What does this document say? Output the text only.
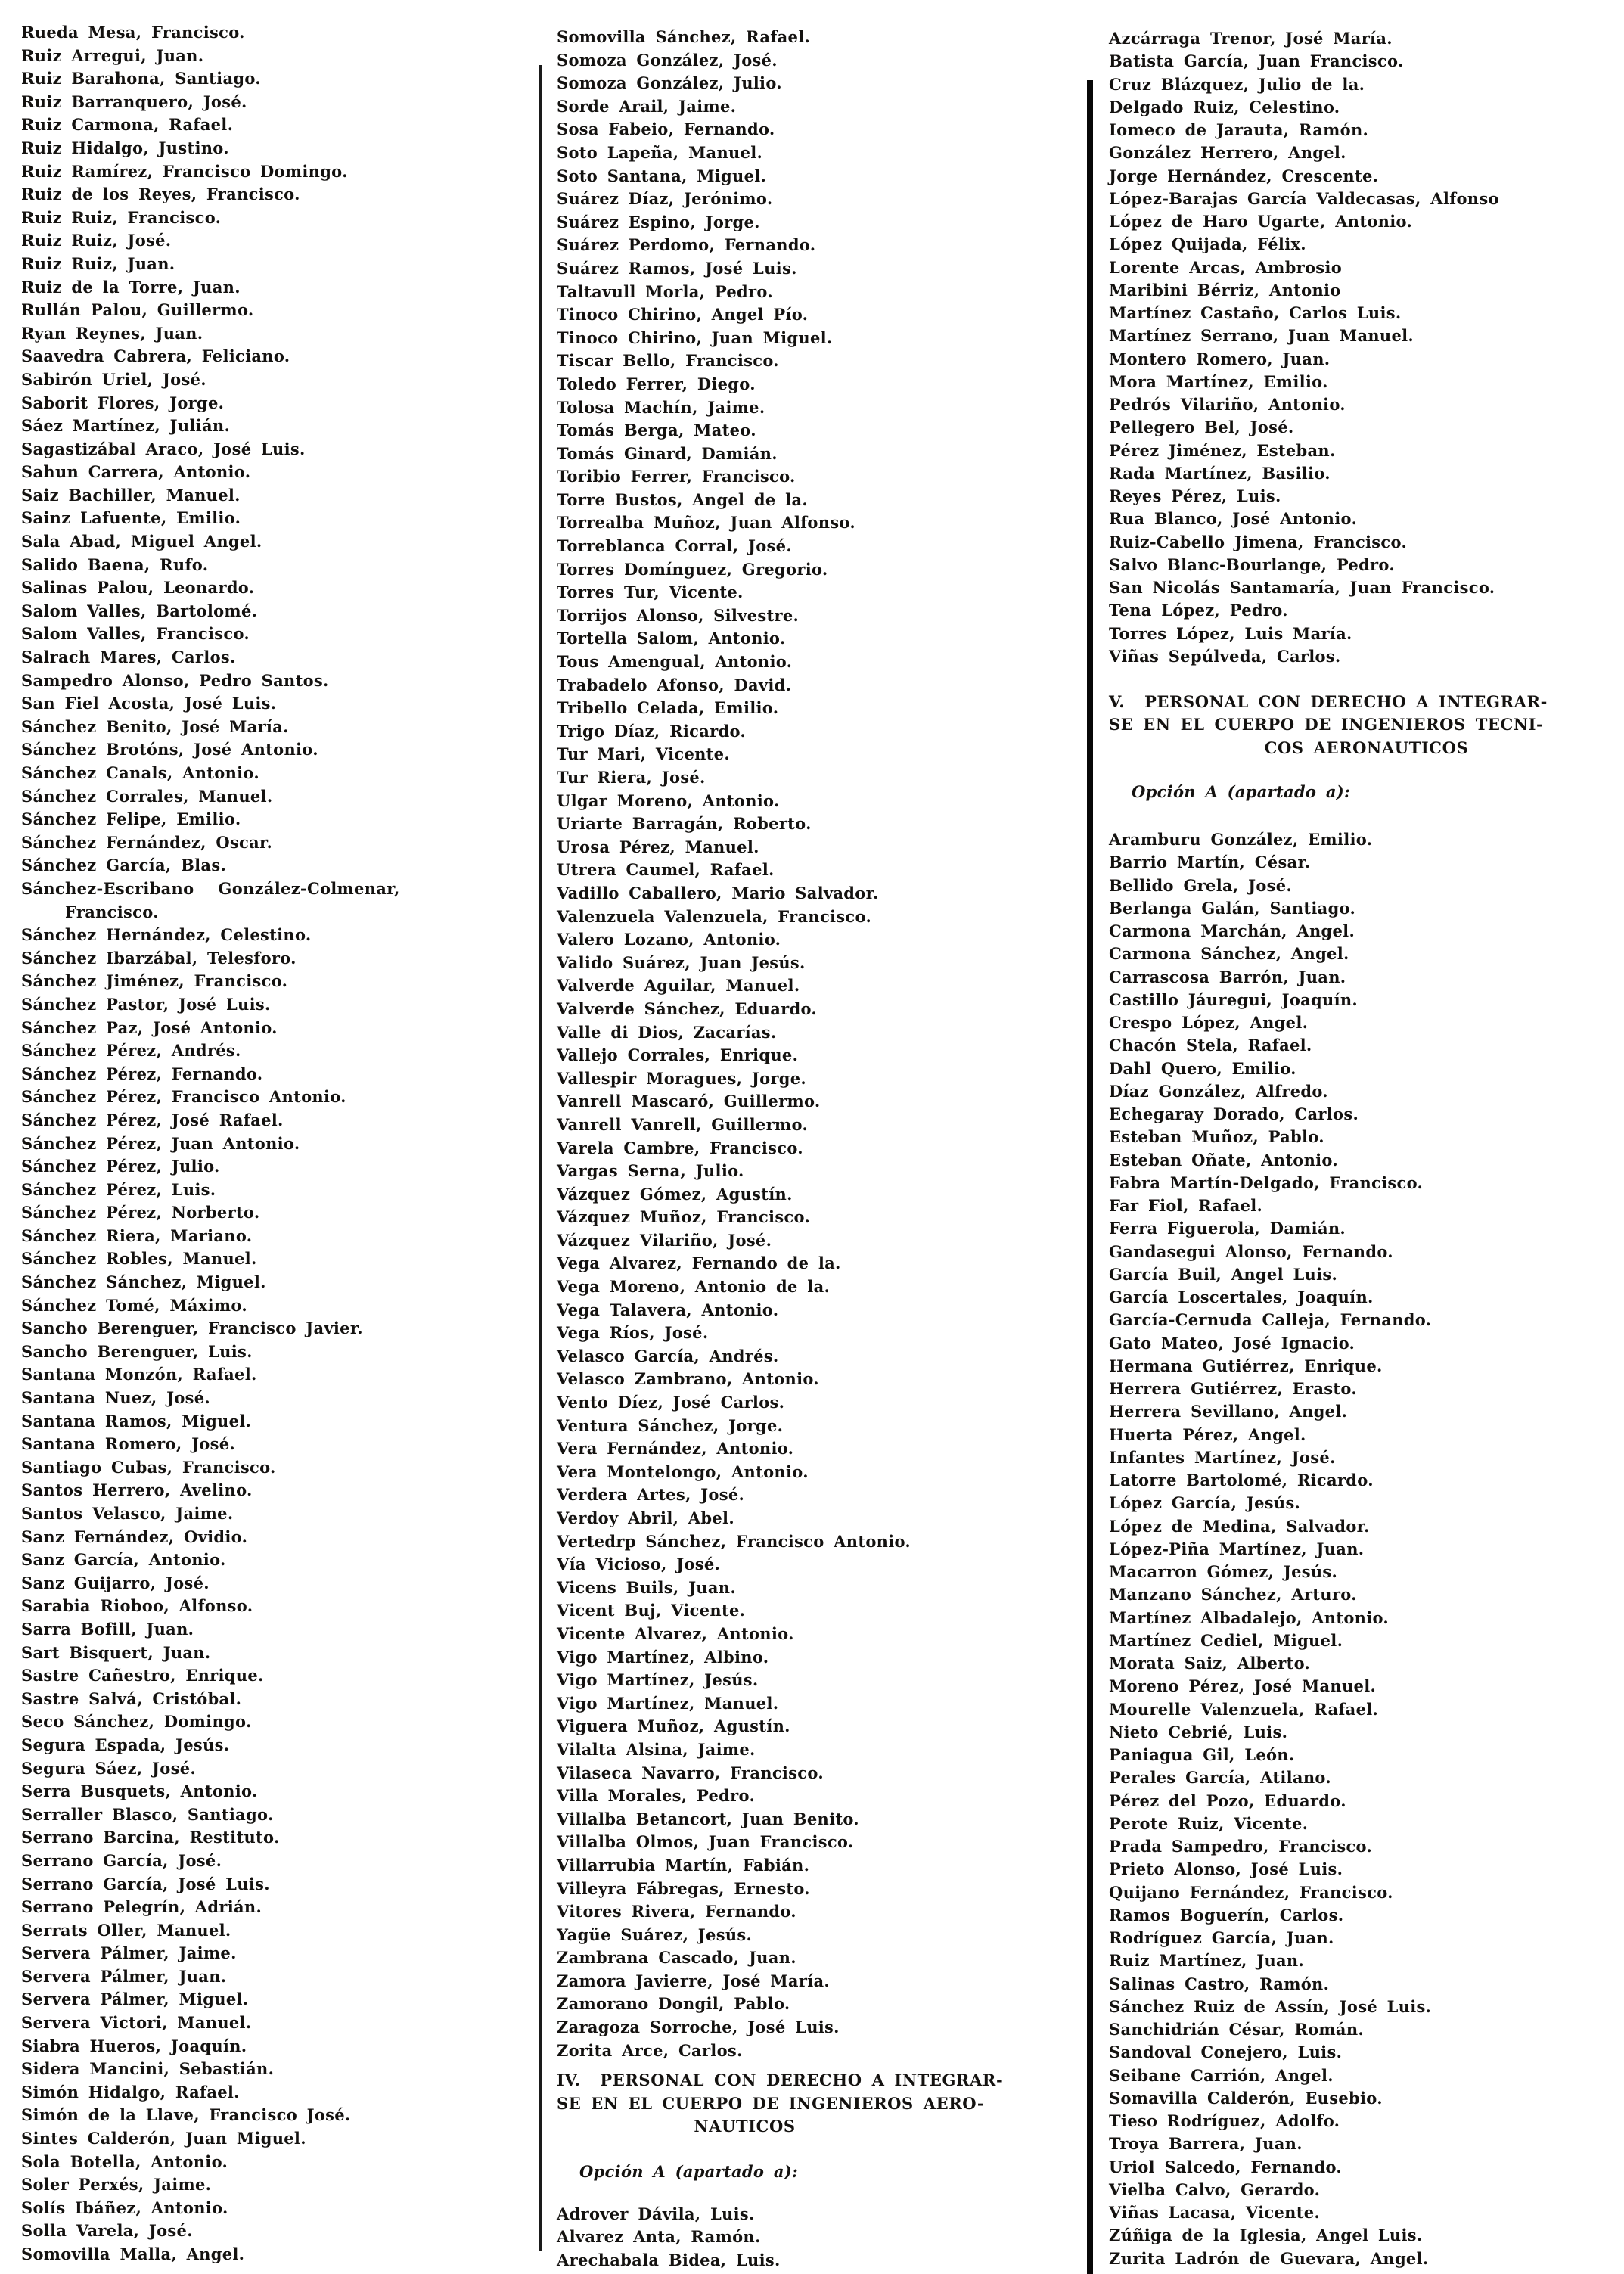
Rueda Mesa, Francisco.
Ruiz Arregui, Juan.
Ruiz Barahona, Santiago.
Ruiz Barranquero, José.
Ruiz Carmona, Rafael.
Ruiz Hidalgo, Justino.
Ruiz Ramírez, Francisco Domingo.
Ruiz de los Reyes, Francisco.
Ruiz Ruiz, Francisco.
Ruiz Ruiz, José.
Ruiz Ruiz, Juan.
Ruiz de la Torre, Juan.
Rullán Palou, Guillermo.
Ryan Reynes, Juan.
Saavedra Cabrera, Feliciano.
Sabirón Uriel, José.
Saborit Flores, Jorge.
Sáez Martínez, Julián.
Sagastizábal Araco, José Luis.
Sahun Carrera, Antonio.
Saiz Bachiller, Manuel.
Sainz Lafuente, Emilio.
Sala Abad, Miguel Angel.
Salido Baena, Rufo.
Salinas Palou, Leonardo.
Salom Valles, Bartolomé.
Salom Valles, Francisco.
Salrach Mares, Carlos.
Sampedro Alonso, Pedro Santos.
San Fiel Acosta, José Luis.
Sánchez Benito, José María.
Sánchez Brotóns, José Antonio.
Sánchez Canals, Antonio.
Sánchez Corrales, Manuel.
Sánchez Felipe, Emilio.
Sánchez Fernández, Oscar.
Sánchez García, Blas.
Sánchez-Escribano  González-Colmenar,
Francisco.
Sánchez Hernández, Celestino.
Sánchez Ibarzábal, Telesforo.
Sánchez Jiménez, Francisco.
Sánchez Pastor, José Luis.
Sánchez Paz, José Antonio.
Sánchez Pérez, Andrés.
Sánchez Pérez, Fernando.
Sánchez Pérez, Francisco Antonio.
Sánchez Pérez, José Rafael.
Sánchez Pérez, Juan Antonio.
Sánchez Pérez, Julio.
Sánchez Pérez, Luis.
Sánchez Pérez, Norberto.
Sánchez Riera, Mariano.
Sánchez Robles, Manuel.
Sánchez Sánchez, Miguel.
Sánchez Tomé, Máximo.
Sancho Berenguer, Francisco Javier.
Sancho Berenguer, Luis.
Santana Monzón, Rafael.
Santana Nuez, José.
Santana Ramos, Miguel.
Santana Romero, José.
Santiago Cubas, Francisco.
Santos Herrero, Avelino.
Santos Velasco, Jaime.
Sanz Fernández, Ovidio.
Sanz García, Antonio.
Sanz Guijarro, José.
Sarabia Rioboo, Alfonso.
Sarra Bofill, Juan.
Sart Bisquert, Juan.
Sastre Cañestro, Enrique.
Sastre Salvá, Cristóbal.
Seco Sánchez, Domingo.
Segura Espada, Jesús.
Segura Sáez, José.
Serra Busquets, Antonio.
Serraller Blasco, Santiago.
Serrano Barcina, Restituto.
Serrano García, José.
Serrano García, José Luis.
Serrano Pelegrín, Adrián.
Serrats Oller, Manuel.
Servera Pálmer, Jaime.
Servera Pálmer, Juan.
Servera Pálmer, Miguel.
Servera Victori, Manuel.
Siabra Hueros, Joaquín.
Sidera Mancini, Sebastián.
Simón Hidalgo, Rafael.
Simón de la Llave, Francisco José.
Sintes Calderón, Juan Miguel.
Sola Botella, Antonio.
Soler Perxés, Jaime.
Solís Ibáñez, Antonio.
Solla Varela, José.
Somovilla Malla, Angel.
Somovilla Sánchez, Rafael.
Somoza González, José.
Somoza González, Julio.
Sorde Arail, Jaime.
Sosa Fabeio, Fernando.
Soto Lapeña, Manuel.
Soto Santana, Miguel.
Suárez Díaz, Jerónimo.
Suárez Espino, Jorge.
Suárez Perdomo, Fernando.
Suárez Ramos, José Luis.
Taltavull Morla, Pedro.
Tinoco Chirino, Angel Pío.
Tinoco Chirino, Juan Miguel.
Tiscar Bello, Francisco.
Toledo Ferrer, Diego.
Tolosa Machín, Jaime.
Tomás Berga, Mateo.
Tomás Ginard, Damián.
Toribio Ferrer, Francisco.
Torre Bustos, Angel de la.
Torrealba Muñoz, Juan Alfonso.
Torreblanca Corral, José.
Torres Domínguez, Gregorio.
Torres Tur, Vicente.
Torrijos Alonso, Silvestre.
Tortella Salom, Antonio.
Tous Amengual, Antonio.
Trabadelo Afonso, David.
Tribello Celada, Emilio.
Trigo Díaz, Ricardo.
Tur Mari, Vicente.
Tur Riera, José.
Ulgar Moreno, Antonio.
Uriarte Barragán, Roberto.
Urosa Pérez, Manuel.
Utrera Caumel, Rafael.
Vadillo Caballero, Mario Salvador.
Valenzuela Valenzuela, Francisco.
Valero Lozano, Antonio.
Valido Suárez, Juan Jesús.
Valverde Aguilar, Manuel.
Valverde Sánchez, Eduardo.
Valle di Dios, Zacarías.
Vallejo Corrales, Enrique.
Vallespir Moragues, Jorge.
Vanrell Mascaró, Guillermo.
Vanrell Vanrell, Guillermo.
Varela Cambre, Francisco.
Vargas Serna, Julio.
Vázquez Gómez, Agustín.
Vázquez Muñoz, Francisco.
Vázquez Vilariño, José.
Vega Alvarez, Fernando de la.
Vega Moreno, Antonio de la.
Vega Talavera, Antonio.
Vega Ríos, José.
Velasco García, Andrés.
Velasco Zambrano, Antonio.
Vento Díez, José Carlos.
Ventura Sánchez, Jorge.
Vera Fernández, Antonio.
Vera Montelongo, Antonio.
Verdera Artes, José.
Verdoy Abril, Abel.
Vertedrp Sánchez, Francisco Antonio.
Vía Vicioso, José.
Vicens Buils, Juan.
Vicent Buj, Vicente.
Vicente Alvarez, Antonio.
Vigo Martínez, Albino.
Vigo Martínez, Jesús.
Vigo Martínez, Manuel.
Viguera Muñoz, Agustín.
Vilalta Alsina, Jaime.
Vilaseca Navarro, Francisco.
Villa Morales, Pedro.
Villalba Betancort, Juan Benito.
Villalba Olmos, Juan Francisco.
Villarrubia Martín, Fabián.
Villeyra Fábregas, Ernesto.
Vitores Rivera, Fernando.
Yagüe Suárez, Jesús.
Zambrana Cascado, Juan.
Zamora Javierre, José María.
Zamorano Dongil, Pablo.
Zaragoza Sorroche, José Luis.
Zorita Arce, Carlos.
IV.  PERSONAL CON DERECHO A INTEGRAR-
SE EN EL CUERPO DE INGENIEROS AERO-
NAUTICOS
Opción A (apartado a):
Adrover Dávila, Luis.
Alvarez Anta, Ramón.
Arechabala Bidea, Luis.
Azcárraga Trenor, José María.
Batista García, Juan Francisco.
Cruz Blázquez, Julio de la.
Delgado Ruiz, Celestino.
Iomeco de Jarauta, Ramón.
González Herrero, Angel.
Jorge Hernández, Crescente.
López-Barajas García Valdecasas, Alfonso
López de Haro Ugarte, Antonio.
López Quijada, Félix.
Lorente Arcas, Ambrosio
Maribini Bérriz, Antonio
Martínez Castaño, Carlos Luis.
Martínez Serrano, Juan Manuel.
Montero Romero, Juan.
Mora Martínez, Emilio.
Pedrós Vilariño, Antonio.
Pellegero Bel, José.
Pérez Jiménez, Esteban.
Rada Martínez, Basilio.
Reyes Pérez, Luis.
Rua Blanco, José Antonio.
Ruiz-Cabello Jimena, Francisco.
Salvo Blanc-Bourlange, Pedro.
San Nicolás Santamaría, Juan Francisco.
Tena López, Pedro.
Torres López, Luis María.
Viñas Sepúlveda, Carlos.
V.  PERSONAL CON DERECHO A INTEGRAR-
SE EN EL CUERPO DE INGENIEROS TECNI-
COS AERONAUTICOS
Opción A (apartado a):
Aramburu González, Emilio.
Barrio Martín, César.
Bellido Grela, José.
Berlanga Galán, Santiago.
Carmona Marchán, Angel.
Carmona Sánchez, Angel.
Carrascosa Barrón, Juan.
Castillo Jáuregui, Joaquín.
Crespo López, Angel.
Chacón Stela, Rafael.
Dahl Quero, Emilio.
Díaz González, Alfredo.
Echegaray Dorado, Carlos.
Esteban Muñoz, Pablo.
Esteban Oñate, Antonio.
Fabra Martín-Delgado, Francisco.
Far Fiol, Rafael.
Ferra Figuerola, Damián.
Gandasegui Alonso, Fernando.
García Buil, Angel Luis.
García Loscertales, Joaquín.
García-Cernuda Calleja, Fernando.
Gato Mateo, José Ignacio.
Hermana Gutiérrez, Enrique.
Herrera Gutiérrez, Erasto.
Herrera Sevillano, Angel.
Huerta Pérez, Angel.
Infantes Martínez, José.
Latorre Bartolomé, Ricardo.
López García, Jesús.
López de Medina, Salvador.
López-Piña Martínez, Juan.
Macarron Gómez, Jesús.
Manzano Sánchez, Arturo.
Martínez Albadalejo, Antonio.
Martínez Cediel, Miguel.
Morata Saiz, Alberto.
Moreno Pérez, José Manuel.
Mourelle Valenzuela, Rafael.
Nieto Cebrié, Luis.
Paniagua Gil, León.
Perales García, Atilano.
Pérez del Pozo, Eduardo.
Perote Ruiz, Vicente.
Prada Sampedro, Francisco.
Prieto Alonso, José Luis.
Quijano Fernández, Francisco.
Ramos Boguerín, Carlos.
Rodríguez García, Juan.
Ruiz Martínez, Juan.
Salinas Castro, Ramón.
Sánchez Ruiz de Assín, José Luis.
Sanchidrián César, Román.
Sandoval Conejero, Luis.
Seibane Carrión, Angel.
Somavilla Calderón, Eusebio.
Tieso Rodríguez, Adolfo.
Troya Barrera, Juan.
Uriol Salcedo, Fernando.
Vielba Calvo, Gerardo.
Viñas Lacasa, Vicente.
Zúñiga de la Iglesia, Angel Luis.
Zurita Ladrón de Guevara, Angel.
